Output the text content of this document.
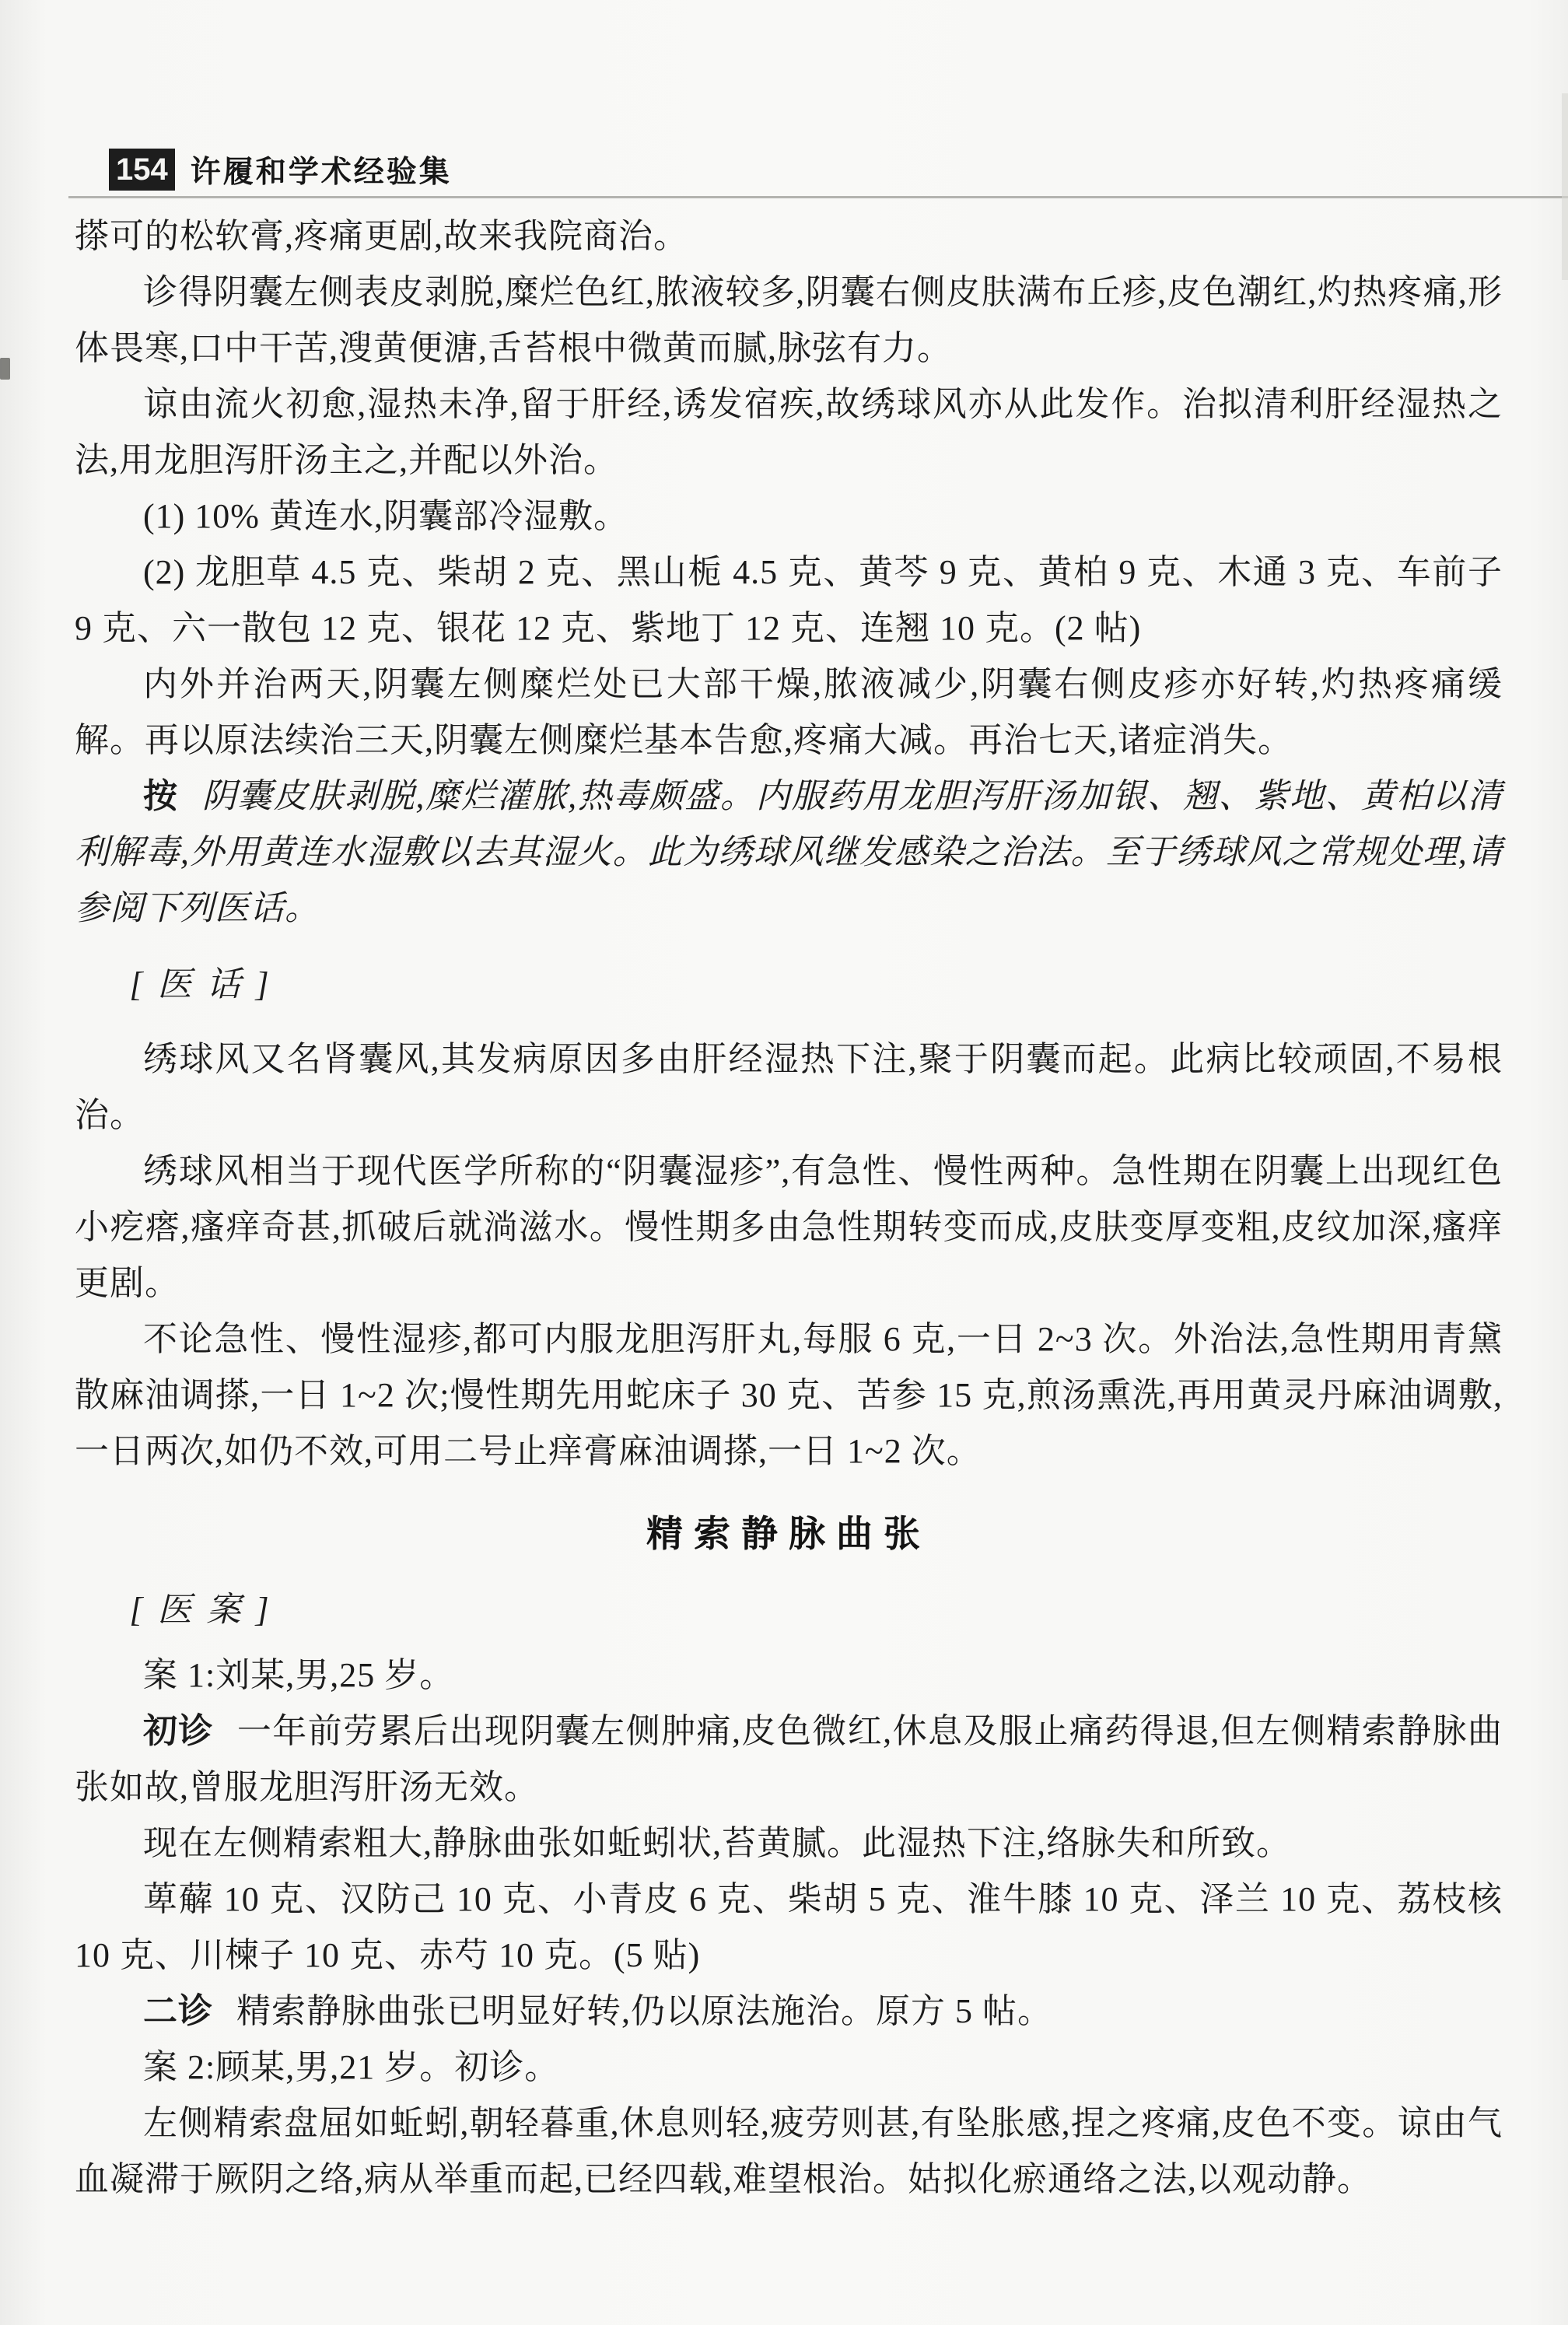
154 许履和学术经验集

搽可的松软膏,疼痛更剧,故来我院商治。

诊得阴囊左侧表皮剥脱,糜烂色红,脓液较多,阴囊右侧皮肤满布丘疹,皮色潮红,灼热疼痛,形体畏寒,口中干苦,溲黄便溏,舌苔根中微黄而腻,脉弦有力。

谅由流火初愈,湿热未净,留于肝经,诱发宿疾,故绣球风亦从此发作。治拟清利肝经湿热之法,用龙胆泻肝汤主之,并配以外治。

(1) 10% 黄连水,阴囊部冷湿敷。

(2) 龙胆草 4.5 克、柴胡 2 克、黑山栀 4.5 克、黄芩 9 克、黄柏 9 克、木通 3 克、车前子 9 克、六一散包 12 克、银花 12 克、紫地丁 12 克、连翘 10 克。(2 帖)

内外并治两天,阴囊左侧糜烂处已大部干燥,脓液减少,阴囊右侧皮疹亦好转,灼热疼痛缓解。再以原法续治三天,阴囊左侧糜烂基本告愈,疼痛大减。再治七天,诸症消失。

按 阴囊皮肤剥脱,糜烂灌脓,热毒颇盛。内服药用龙胆泻肝汤加银、翘、紫地、黄柏以清利解毒,外用黄连水湿敷以去其湿火。此为绣球风继发感染之治法。至于绣球风之常规处理,请参阅下列医话。

[ 医 话 ]

绣球风又名肾囊风,其发病原因多由肝经湿热下注,聚于阴囊而起。此病比较顽固,不易根治。

绣球风相当于现代医学所称的“阴囊湿疹”,有急性、慢性两种。急性期在阴囊上出现红色小疙瘩,瘙痒奇甚,抓破后就淌滋水。慢性期多由急性期转变而成,皮肤变厚变粗,皮纹加深,瘙痒更剧。

不论急性、慢性湿疹,都可内服龙胆泻肝丸,每服 6 克,一日 2~3 次。外治法,急性期用青黛散麻油调搽,一日 1~2 次;慢性期先用蛇床子 30 克、苦参 15 克,煎汤熏洗,再用黄灵丹麻油调敷,一日两次,如仍不效,可用二号止痒膏麻油调搽,一日 1~2 次。

精索静脉曲张

[ 医 案 ]

案 1:刘某,男,25 岁。

初诊 一年前劳累后出现阴囊左侧肿痛,皮色微红,休息及服止痛药得退,但左侧精索静脉曲张如故,曾服龙胆泻肝汤无效。

现在左侧精索粗大,静脉曲张如蚯蚓状,苔黄腻。此湿热下注,络脉失和所致。

萆薢 10 克、汉防己 10 克、小青皮 6 克、柴胡 5 克、淮牛膝 10 克、泽兰 10 克、荔枝核 10 克、川楝子 10 克、赤芍 10 克。(5 贴)

二诊 精索静脉曲张已明显好转,仍以原法施治。原方 5 帖。

案 2:顾某,男,21 岁。初诊。

左侧精索盘屈如蚯蚓,朝轻暮重,休息则轻,疲劳则甚,有坠胀感,捏之疼痛,皮色不变。谅由气血凝滞于厥阴之络,病从举重而起,已经四载,难望根治。姑拟化瘀通络之法,以观动静。
